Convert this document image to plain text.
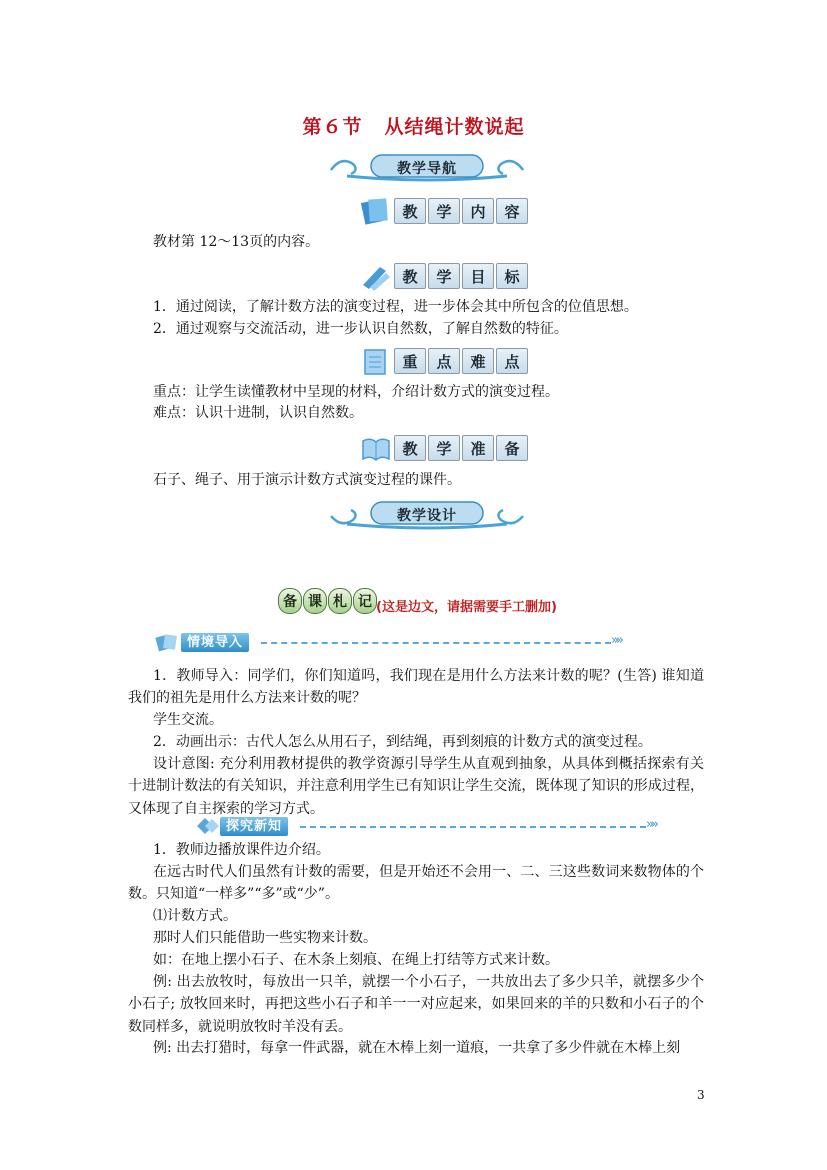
第６节 从结绳计数说起
教学导航
教	学	内	容
教材第 12～13页的内容。
教	学	目	标
1．通过阅读，了解计数方法的演变过程，进一步体会其中所包含的位值思想。
2．通过观察与交流活动，进一步认识自然数，了解自然数的特征。
重	点	难	点
重点：让学生读懂教材中呈现的材料，介绍计数方式的演变过程。
难点：认识十进制，认识自然数。
教	学	准	备
石子、绳子、用于演示计数方式演变过程的课件。
教学设计
备 课 札 记 (这是边文，请据需要手工删加)
情境导入	»»
1．教师导入：同学们，你们知道吗，我们现在是用什么方法来计数的呢？(生答) 谁知道我们的祖先是用什么方法来计数的呢？
学生交流。
2．动画出示：古代人怎么从用石子，到结绳，再到刻痕的计数方式的演变过程。
设计意图: 充分利用教材提供的教学资源引导学生从直观到抽象，从具体到概括探索有关十进制计数法的有关知识，并注意利用学生已有知识让学生交流，既体现了知识的形成过程，又体现了自主探索的学习方式。
探究新知	»»
1．教师边播放课件边介绍。
在远古时代人们虽然有计数的需要，但是开始还不会用一、二、三这些数词来数物体的个数。只知道“一样多”“多”或“少”。
⑴计数方式。
那时人们只能借助一些实物来计数。
如：在地上摆小石子、在木条上刻痕、在绳上打结等方式来计数。
例: 出去放牧时，每放出一只羊，就摆一个小石子，一共放出去了多少只羊，就摆多少个小石子; 放牧回来时，再把这些小石子和羊一一对应起来，如果回来的羊的只数和小石子的个数同样多，就说明放牧时羊没有丢。
例: 出去打猎时，每拿一件武器，就在木棒上刻一道痕，一共拿了多少件就在木棒上刻
3
